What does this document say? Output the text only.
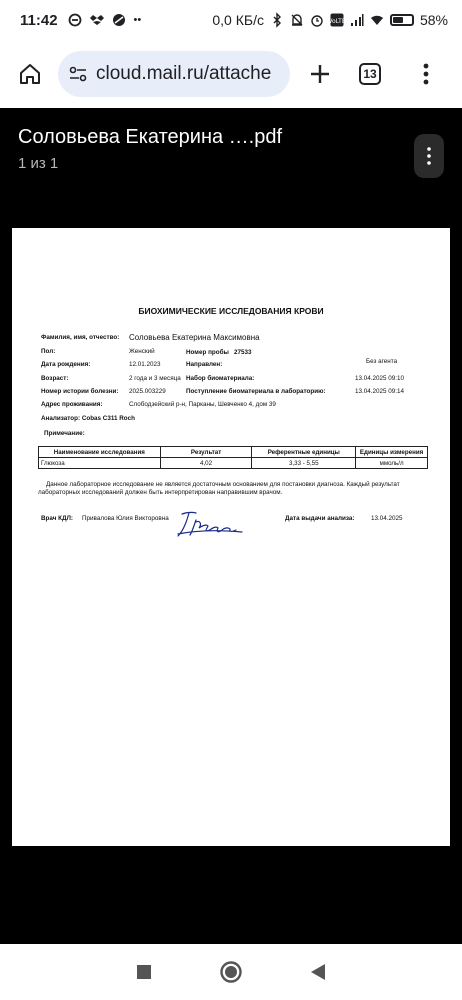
11:42	••	0,0 КБ/с	VoLTE	58%
cloud.mail.ru/attache	13
Соловьева Екатерина ….pdf
1 из 1
БИОХИМИЧЕСКИЕ ИССЛЕДОВАНИЯ КРОВИ
Фамилия, имя, отчество: Соловьева Екатерина Максимовна
Пол:	Женский	Номер пробы 27533
Дата рождения:	12.01.2023	Направлен:	Без агента
Возраст:	2 года и 3 месяца Набор биоматериала:	13.04.2025 09:10
Номер истории болезни: 2025.003229	Поступление биоматериала в лабораторию:	13.04.2025 09:14
Адрес проживания:	Слободзейский р-н, Парканы, Шевченко 4, дом 39
Анализатор: Cobas C311 Roch
Примечание:
Наименование исследования	Результат	Референтные единицы	Единицы измерения
Глюкоза	4,02	3,33 - 5,55	ммоль/л
Данное лабораторное исследование не является достаточным основанием для постановки диагноза. Каждый результат лабораторных исследований должен быть интерпретирован направившим врачом.
Врач КДЛ: Привалова Юлия Викторовна	Дата выдачи анализа:	13.04.2025
